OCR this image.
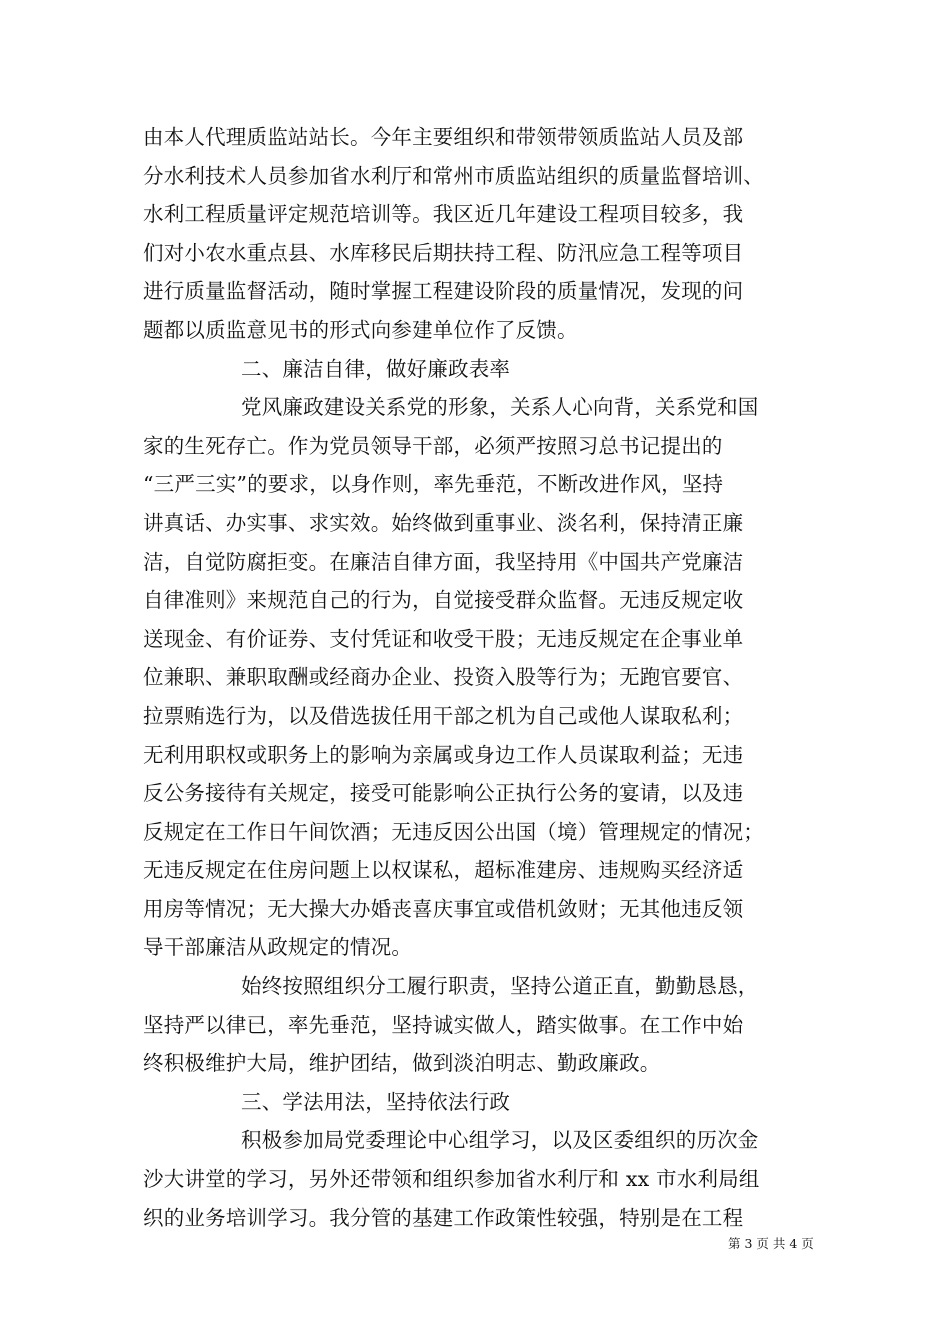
由本人代理质监站站长。今年主要组织和带领带领质监站人员及部
分水利技术人员参加省水利厅和常州市质监站组织的质量监督培训、
水利工程质量评定规范培训等。我区近几年建设工程项目较多，我
们对小农水重点县、水库移民后期扶持工程、防汛应急工程等项目
进行质量监督活动，随时掌握工程建设阶段的质量情况，发现的问
题都以质监意见书的形式向参建单位作了反馈。
二、廉洁自律，做好廉政表率
党风廉政建设关系党的形象，关系人心向背，关系党和国
家的生死存亡。作为党员领导干部，必须严按照习总书记提出的
“三严三实”的要求，以身作则，率先垂范，不断改进作风，坚持
讲真话、办实事、求实效。始终做到重事业、淡名利，保持清正廉
洁，自觉防腐拒变。在廉洁自律方面，我坚持用《中国共产党廉洁
自律准则》来规范自己的行为，自觉接受群众监督。无违反规定收
送现金、有价证券、支付凭证和收受干股；无违反规定在企事业单
位兼职、兼职取酬或经商办企业、投资入股等行为；无跑官要官、
拉票贿选行为，以及借选拔任用干部之机为自己或他人谋取私利；
无利用职权或职务上的影响为亲属或身边工作人员谋取利益；无违
反公务接待有关规定，接受可能影响公正执行公务的宴请，以及违
反规定在工作日午间饮酒；无违反因公出国（境）管理规定的情况；
无违反规定在住房问题上以权谋私，超标准建房、违规购买经济适
用房等情况；无大操大办婚丧喜庆事宜或借机敛财；无其他违反领
导干部廉洁从政规定的情况。
始终按照组织分工履行职责，坚持公道正直，勤勤恳恳，
坚持严以律已，率先垂范，坚持诚实做人，踏实做事。在工作中始
终积极维护大局，维护团结，做到淡泊明志、勤政廉政。
三、学法用法，坚持依法行政
积极参加局党委理论中心组学习，以及区委组织的历次金
沙大讲堂的学习，另外还带领和组织参加省水利厅和 xx 市水利局组
织的业务培训学习。我分管的基建工作政策性较强，特别是在工程
第 3 页 共 4 页
